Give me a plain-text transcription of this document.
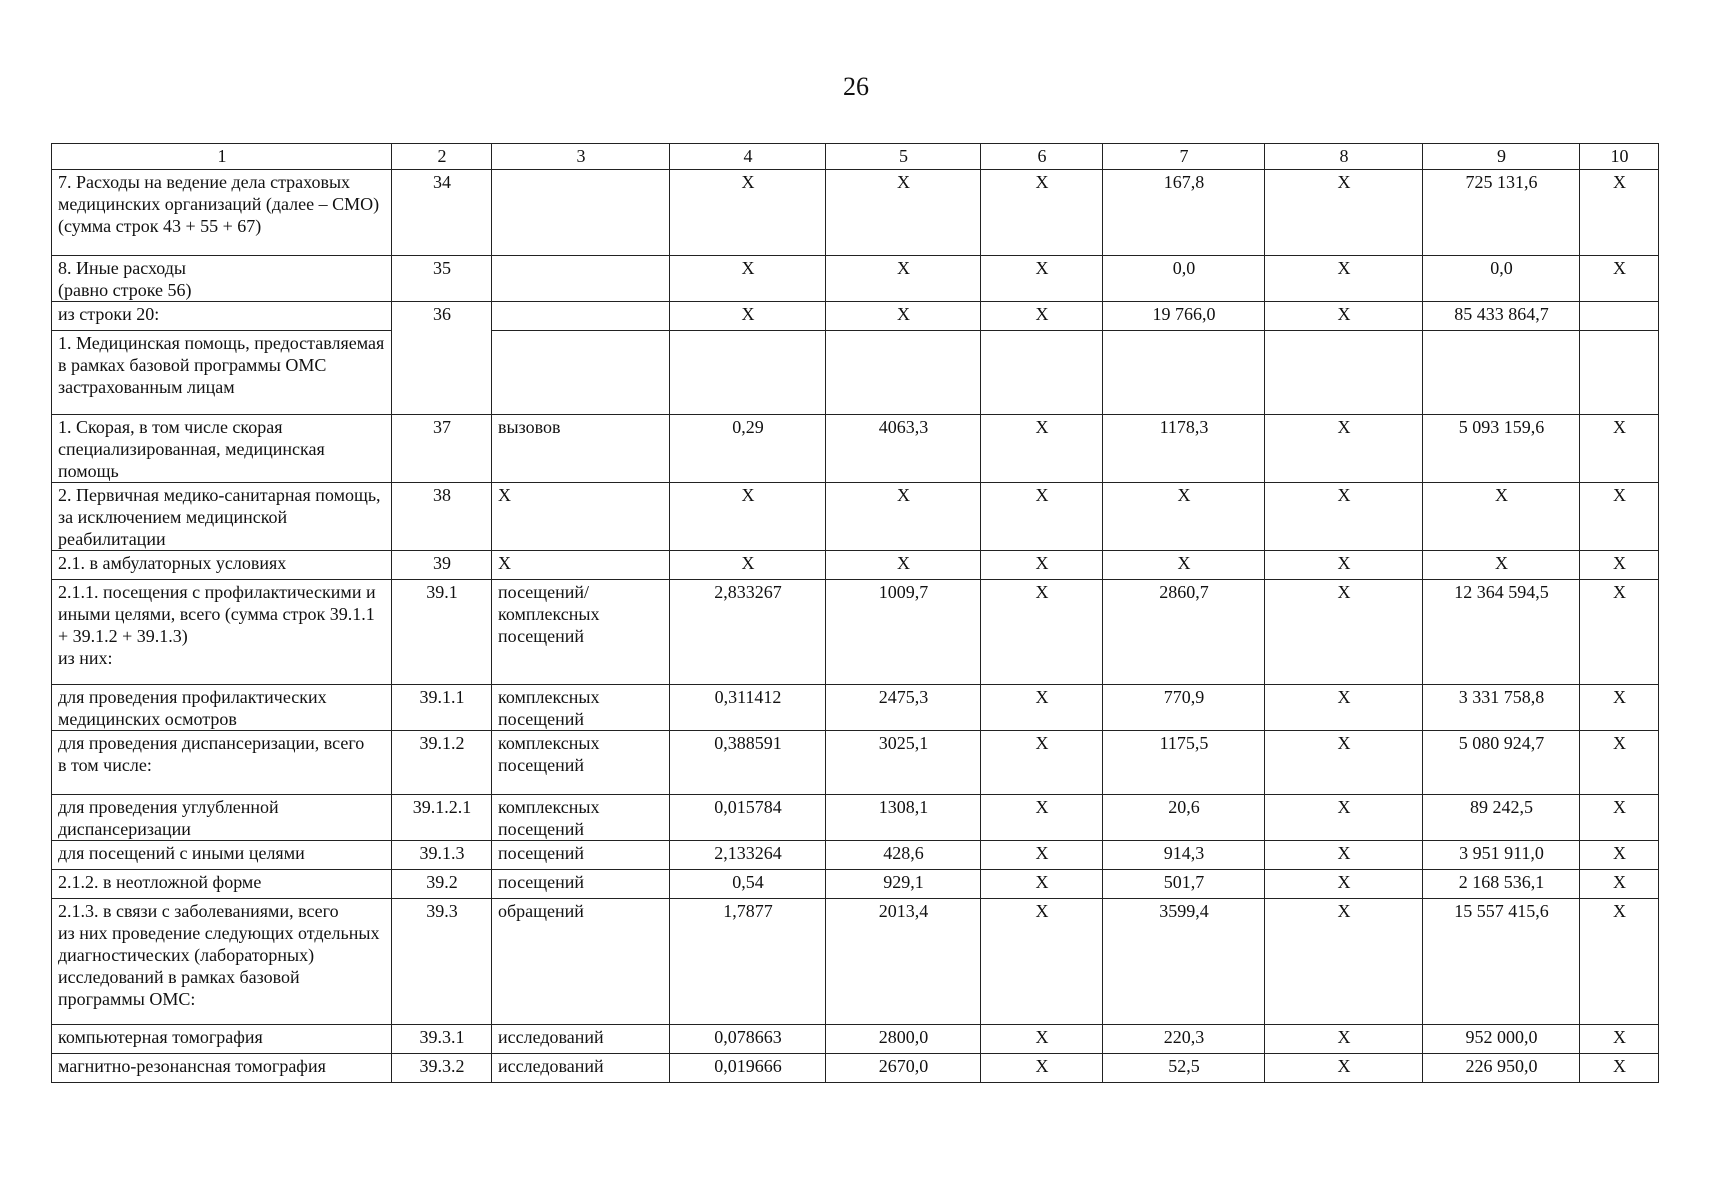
26
1	2	3	4	5	6	7	8	9	10
7. Расходы на ведение дела страховых медицинских организаций (далее – СМО) (сумма строк 43 + 55 + 67)	34		Х	Х	Х	167,8	Х	725 131,6	Х
8. Иные расходы
(равно строке 56)	35		Х	Х	Х	0,0	Х	0,0	Х
из строки 20:	36		Х	Х	Х	19 766,0	Х	85 433 864,7	
1. Медицинская помощь, предоставляемая в рамках базовой программы ОМС застрахованным лицам									
1. Скорая, в том числе скорая специализированная, медицинская помощь	37	вызовов	0,29	4063,3	Х	1178,3	Х	5 093 159,6	Х
2. Первичная медико-санитарная помощь, за исключением медицинской реабилитации	38	Х	Х	Х	Х	Х	Х	Х	Х
2.1. в амбулаторных условиях	39	Х	Х	Х	Х	Х	Х	Х	Х
2.1.1. посещения с профилактическими и иными целями, всего (сумма строк 39.1.1 + 39.1.2 + 39.1.3)
из них:	39.1	посещений/ комплексных посещений	2,833267	1009,7	Х	2860,7	Х	12 364 594,5	Х
для проведения профилактических медицинских осмотров	39.1.1	комплексных посещений	0,311412	2475,3	Х	770,9	Х	3 331 758,8	Х
для проведения диспансеризации, всего
в том числе:	39.1.2	комплексных посещений	0,388591	3025,1	Х	1175,5	Х	5 080 924,7	Х
для проведения углубленной диспансеризации	39.1.2.1	комплексных посещений	0,015784	1308,1	Х	20,6	Х	89 242,5	Х
для посещений с иными целями	39.1.3	посещений	2,133264	428,6	Х	914,3	Х	3 951 911,0	Х
2.1.2. в неотложной форме	39.2	посещений	0,54	929,1	Х	501,7	Х	2 168 536,1	Х
2.1.3. в связи с заболеваниями, всего
из них проведение следующих отдельных диагностических (лабораторных) исследований в рамках базовой программы ОМС:	39.3	обращений	1,7877	2013,4	Х	3599,4	Х	15 557 415,6	Х
компьютерная томография	39.3.1	исследований	0,078663	2800,0	Х	220,3	Х	952 000,0	Х
магнитно-резонансная томография	39.3.2	исследований	0,019666	2670,0	Х	52,5	Х	226 950,0	Х
